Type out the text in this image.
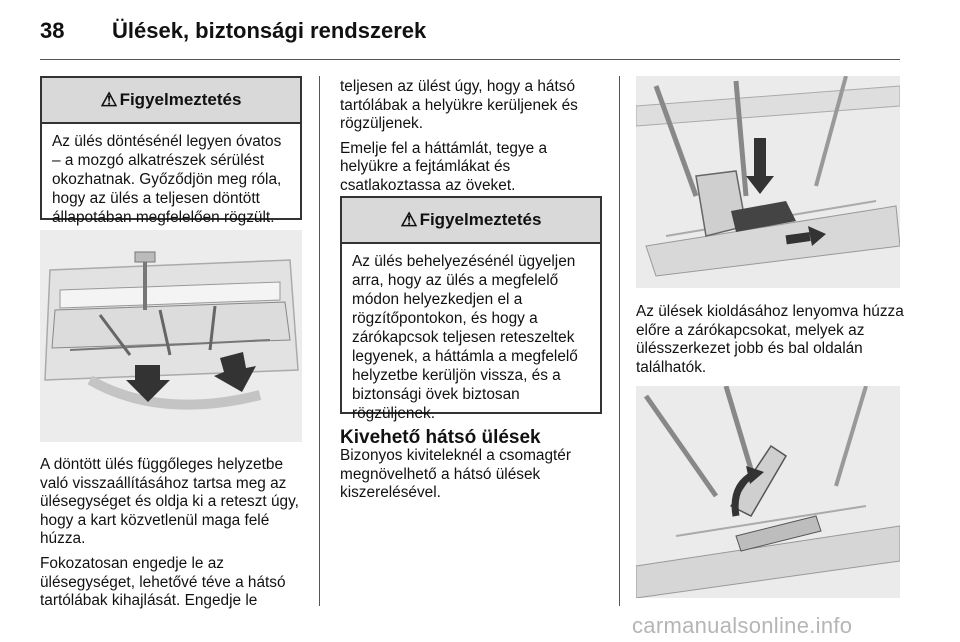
38 Ülések, biztonsági rendszerek
⚠ Figyelmeztetés
Az ülés döntésénél legyen óvatos – a mozgó alkatrészek sérülést okozhatnak. Győződjön meg róla, hogy az ülés a teljesen döntött állapotában megfelelően rögzült.

A döntött ülés függőleges helyzetbe való visszaállításához tartsa meg az ülésegységet és oldja ki a reteszt úgy, hogy a kart közvetlenül maga felé húzza.

Fokozatosan engedje le az ülésegységet, lehetővé téve a hátsó tartólábak kihajlását. Engedje le

teljesen az ülést úgy, hogy a hátsó tartólábak a helyükre kerüljenek és rögzüljenek.

Emelje fel a háttámlát, tegye a helyükre a fejtámlákat és csatlakoztassa az öveket.

⚠ Figyelmeztetés
Az ülés behelyezésénél ügyeljen arra, hogy az ülés a megfelelő módon helyezkedjen el a rögzítőpontokon, és hogy a zárókapcsok teljesen reteszeltek legyenek, a háttámla a megfelelő helyzetbe kerüljön vissza, és a biztonsági övek biztosan rögzüljenek.
Kivehető hátsó ülések
Bizonyos kiviteleknél a csomagtér megnövelhető a hátsó ülések kiszerelésével.
Az ülések kioldásához lenyomva húzza előre a zárókapcsokat, melyek az ülésszerkezet jobb és bal oldalán találhatók.
carmanualsonline.info
